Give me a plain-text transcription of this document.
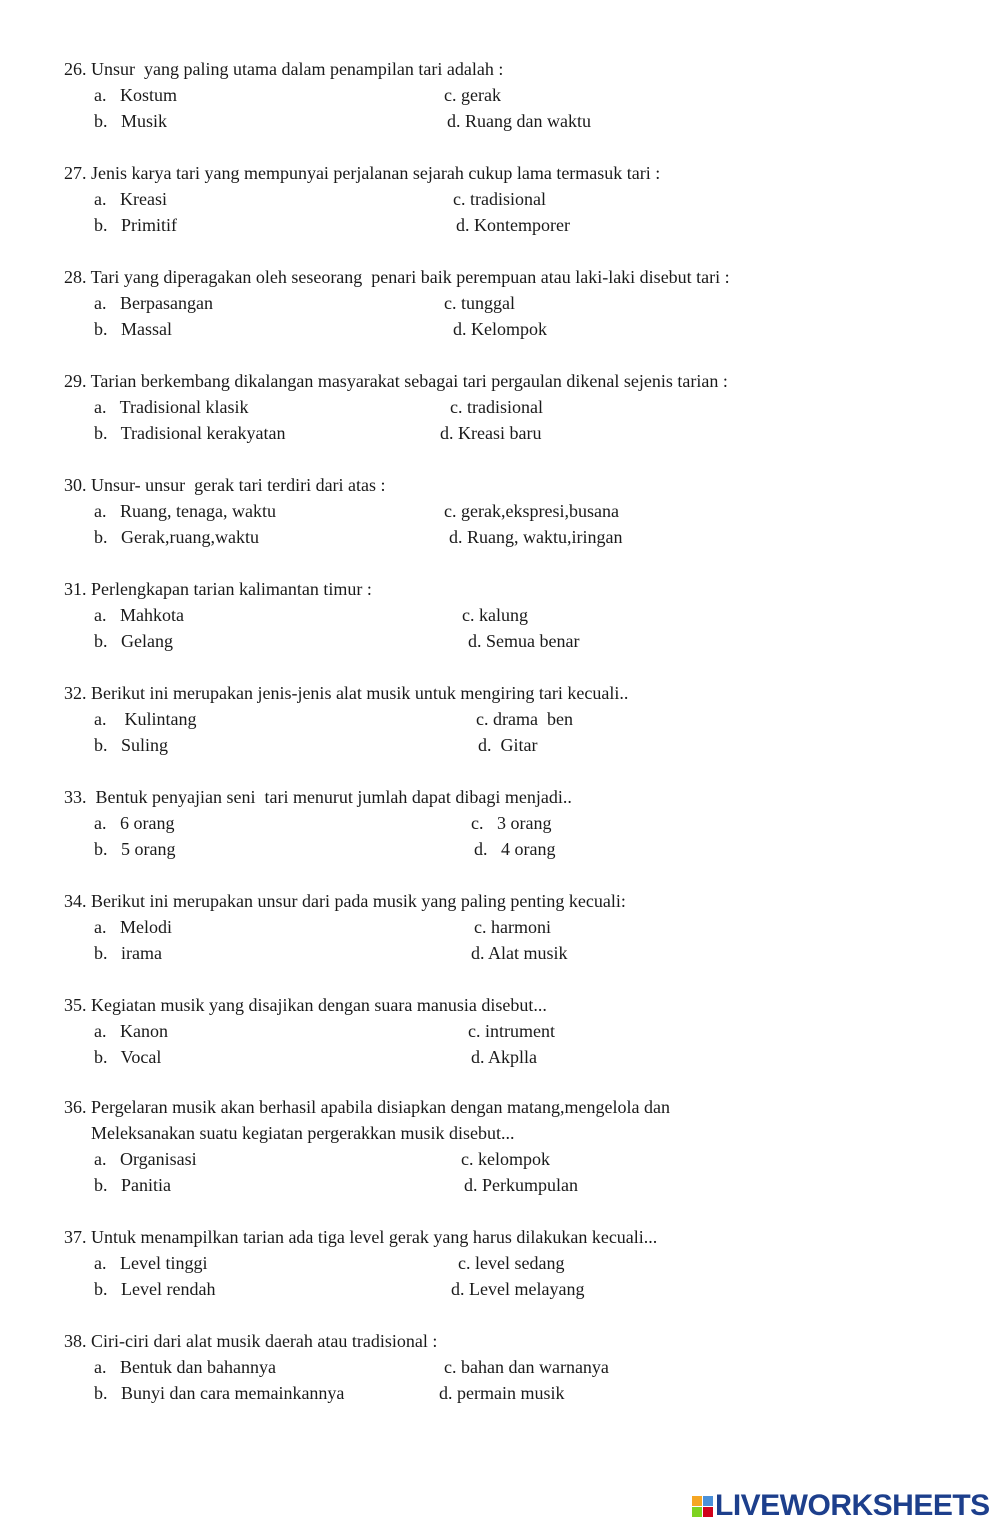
26. Unsur  yang paling utama dalam penampilan tari adalah :
a.   Kostum	c. gerak
b.   Musik	d. Ruang dan waktu
27. Jenis karya tari yang mempunyai perjalanan sejarah cukup lama termasuk tari :
a.   Kreasi	c. tradisional
b.   Primitif	d. Kontemporer
28. Tari yang diperagakan oleh seseorang  penari baik perempuan atau laki-laki disebut tari :
a.   Berpasangan	c. tunggal
b.   Massal	d. Kelompok
29. Tarian berkembang dikalangan masyarakat sebagai tari pergaulan dikenal sejenis tarian :
a.   Tradisional klasik	c. tradisional
b.   Tradisional kerakyatan	d. Kreasi baru
30. Unsur- unsur  gerak tari terdiri dari atas :
a.   Ruang, tenaga, waktu	c. gerak,ekspresi,busana
b.   Gerak,ruang,waktu	d. Ruang, waktu,iringan
31. Perlengkapan tarian kalimantan timur :
a.   Mahkota	c. kalung
b.   Gelang	d. Semua benar
32. Berikut ini merupakan jenis-jenis alat musik untuk mengiring tari kecuali..
a.    Kulintang	c. drama  ben
b.   Suling	d.  Gitar
33.  Bentuk penyajian seni  tari menurut jumlah dapat dibagi menjadi..
a.   6 orang	c.   3 orang
b.   5 orang	d.   4 orang
34. Berikut ini merupakan unsur dari pada musik yang paling penting kecuali:
a.   Melodi	c. harmoni
b.   irama	d. Alat musik
35. Kegiatan musik yang disajikan dengan suara manusia disebut...
a.   Kanon	c. intrument
b.   Vocal	d. Akplla
36. Pergelaran musik akan berhasil apabila disiapkan dengan matang,mengelola dan
Meleksanakan suatu kegiatan pergerakkan musik disebut...
a.   Organisasi	c. kelompok
b.   Panitia	d. Perkumpulan
37. Untuk menampilkan tarian ada tiga level gerak yang harus dilakukan kecuali...
a.   Level tinggi	c. level sedang
b.   Level rendah	d. Level melayang
38. Ciri-ciri dari alat musik daerah atau tradisional :
a.   Bentuk dan bahannya	c. bahan dan warnanya
b.   Bunyi dan cara memainkannya	d. permain musik
LIVEWORKSHEETS
